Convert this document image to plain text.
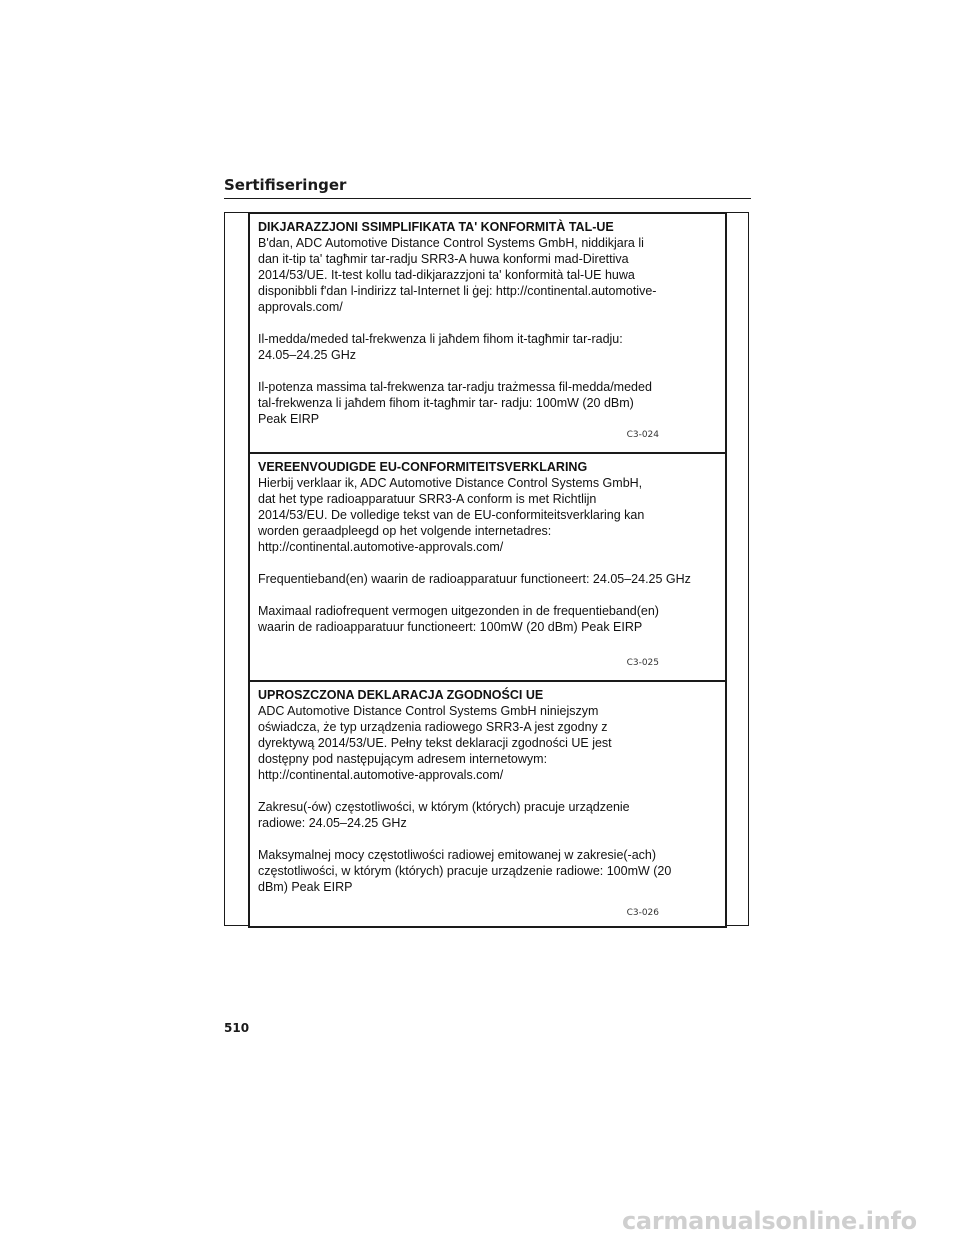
Sertifiseringer

DIKJARAZZJONI SSIMPLIFIKATA TA' KONFORMITÀ TAL-UE

B'dan, ADC Automotive Distance Control Systems GmbH, niddikjara li dan it-tip ta' tagħmir tar-radju SRR3-A huwa konformi mad-Direttiva 2014/53/UE. It-test kollu tad-dikjarazzjoni ta' konformità tal-UE huwa disponibbli f'dan l-indirizz tal-Internet li ġej: http://continental.automotive-approvals.com/

Il-medda/meded tal-frekwenza li jaħdem fihom it-tagħmir tar-radju: 24.05–24.25 GHz

Il-potenza massima tal-frekwenza tar-radju trażmessa fil-medda/meded tal-frekwenza li jaħdem fihom it-tagħmir tar- radju: 100mW (20 dBm) Peak EIRP

C3-024

VEREENVOUDIGDE EU-CONFORMITEITSVERKLARING

Hierbij verklaar ik, ADC Automotive Distance Control Systems GmbH, dat het type radioapparatuur SRR3-A conform is met Richtlijn 2014/53/EU. De volledige tekst van de EU-conformiteitsverklaring kan worden geraadpleegd op het volgende internetadres: http://continental.automotive-approvals.com/

Frequentieband(en) waarin de radioapparatuur functioneert: 24.05–24.25 GHz

Maximaal radiofrequent vermogen uitgezonden in de frequentieband(en) waarin de radioapparatuur functioneert: 100mW (20 dBm) Peak EIRP

C3-025

UPROSZCZONA DEKLARACJA ZGODNOŚCI UE

ADC Automotive Distance Control Systems GmbH niniejszym oświadcza, że typ urządzenia radiowego SRR3-A jest zgodny z dyrektywą 2014/53/UE. Pełny tekst deklaracji zgodności UE jest dostępny pod następującym adresem internetowym: http://continental.automotive-approvals.com/

Zakresu(-ów) częstotliwości, w którym (których) pracuje urządzenie radiowe: 24.05–24.25 GHz

Maksymalnej mocy częstotliwości radiowej emitowanej w zakresie(-ach) częstotliwości, w którym (których) pracuje urządzenie radiowe: 100mW (20 dBm) Peak EIRP

C3-026
510
carmanualsonline.info
